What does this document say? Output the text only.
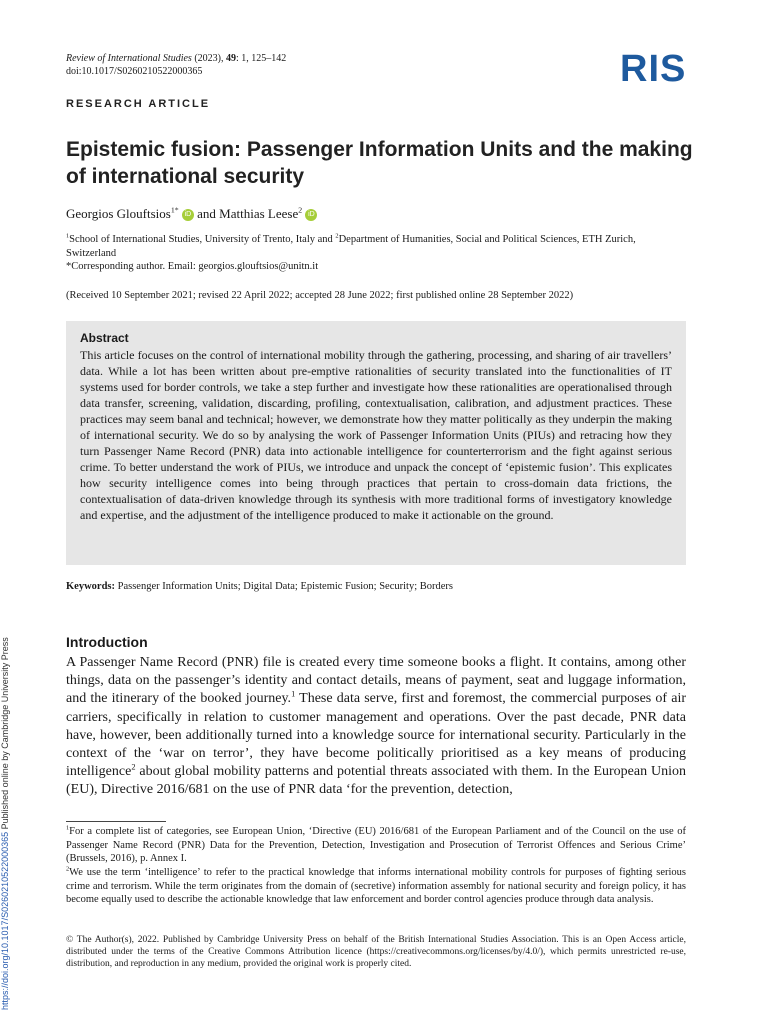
Review of International Studies (2023), 49: 1, 125–142
doi:10.1017/S0260210522000365	RIS
RESEARCH ARTICLE
Epistemic fusion: Passenger Information Units and the making of international security
Georgios Glouftsios$^{1*}$ iD and Matthias Leese$^2$ iD
$^1$School of International Studies, University of Trento, Italy and $^2$Department of Humanities, Social and Political Sciences, ETH Zurich, Switzerland
*Corresponding author. Email: georgios.glouftsios@unitn.it
(Received 10 September 2021; revised 22 April 2022; accepted 28 June 2022; first published online 28 September 2022)
Abstract
This article focuses on the control of international mobility through the gathering, processing, and sharing of air travellers’ data. While a lot has been written about pre-emptive rationalities of security translated into the functionalities of IT systems used for border controls, we take a step further and investigate how these rationalities are operationalised through data transfer, screening, validation, discarding, profiling, contextualisation, calibration, and adjustment practices. These practices may seem banal and technical; however, we demonstrate how they matter politically as they underpin the making of international security. We do so by analysing the work of Passenger Information Units (PIUs) and retracing how they turn Passenger Name Record (PNR) data into actionable intelligence for counterterrorism and the fight against serious crime. To better understand the work of PIUs, we introduce and unpack the concept of ‘epistemic fusion’. This explicates how security intelligence comes into being through practices that pertain to cross-domain data frictions, the contextualisation of data-driven knowledge through its synthesis with more traditional forms of investigatory knowledge and expertise, and the adjustment of the intelligence produced to make it actionable on the ground.
Keywords: Passenger Information Units; Digital Data; Epistemic Fusion; Security; Borders
Introduction
A Passenger Name Record (PNR) file is created every time someone books a flight. It contains, among other things, data on the passenger’s identity and contact details, means of payment, seat and luggage information, and the itinerary of the booked journey.$^1$ These data serve, first and foremost, the commercial purposes of air carriers, specifically in relation to customer management and operations. Over the past decade, PNR data have, however, been additionally turned into a knowledge source for international security. Particularly in the context of the ‘war on terror’, they have become politically prioritised as a key means of producing intelligence$^2$ about global mobility patterns and potential threats associated with them. In the European Union (EU), Directive 2016/681 on the use of PNR data ‘for the prevention, detection,
$^1$For a complete list of categories, see European Union, ‘Directive (EU) 2016/681 of the European Parliament and of the Council on the use of Passenger Name Record (PNR) Data for the Prevention, Detection, Investigation and Prosecution of Terrorist Offences and Serious Crime’ (Brussels, 2016), p. Annex I.
$^2$We use the term ‘intelligence’ to refer to the practical knowledge that informs international mobility controls for purposes of fighting serious crime and terrorism. While the term originates from the domain of (secretive) information assembly for national security and foreign policy, it has become equally used to describe the actionable knowledge that law enforcement and border control agencies produce through data analysis.
© The Author(s), 2022. Published by Cambridge University Press on behalf of the British International Studies Association. This is an Open Access article, distributed under the terms of the Creative Commons Attribution licence (https://creativecommons.org/licenses/by/4.0/), which permits unrestricted re-use, distribution, and reproduction in any medium, provided the original work is properly cited.
https://doi.org/10.1017/S0260210522000365 Published online by Cambridge University Press
